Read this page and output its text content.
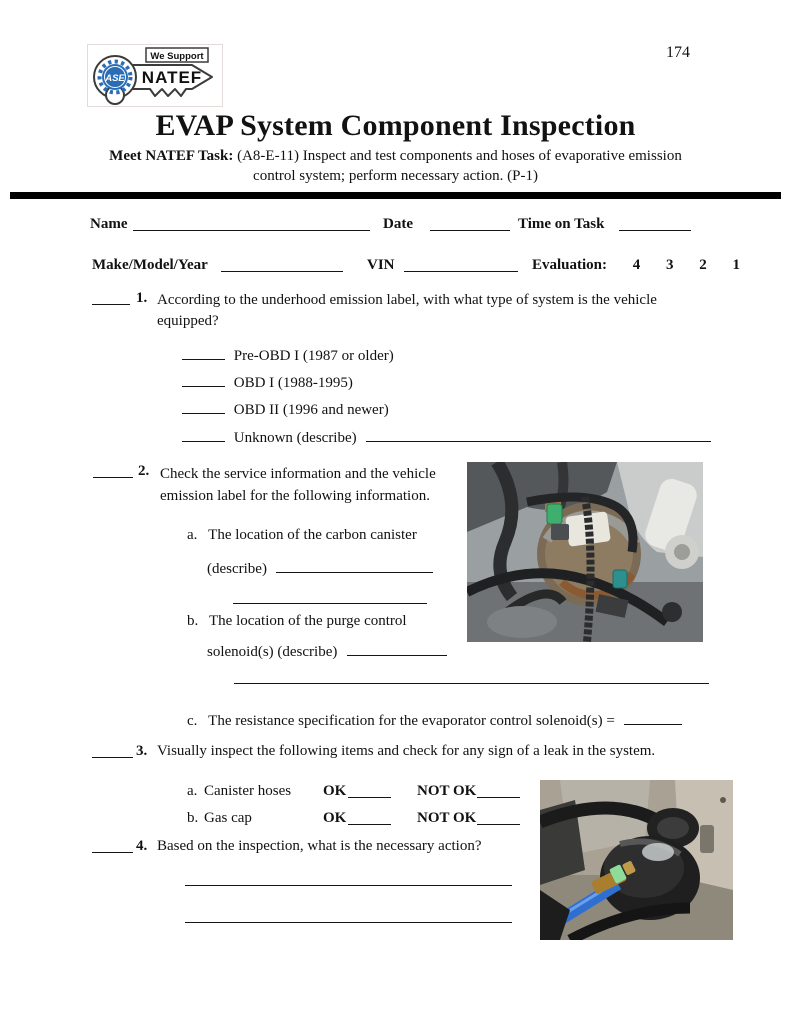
We Support
NATEF
ASE
174
EVAP System Component Inspection
Meet NATEF Task: (A8-E-11) Inspect and test components and hoses of evaporative emission
control system; perform necessary action. (P-1)
Name	Date	Time on Task
Make/Model/Year	VIN	Evaluation: 4 3 2 1
1. According to the underhood emission label, with what type of system is the vehicle equipped?
Pre-OBD I (1987 or older)
OBD I (1988-1995)
OBD II (1996 and newer)
Unknown (describe)
2. Check the service information and the vehicle
emission label for the following information.
a. The location of the carbon canister
(describe)
b. The location of the purge control
solenoid(s) (describe)
c. The resistance specification for the evaporator control solenoid(s) =
3. Visually inspect the following items and check for any sign of a leak in the system.
a. Canister hoses OK	NOT OK
b. Gas cap	OK	NOT OK
4. Based on the inspection, what is the necessary action?
